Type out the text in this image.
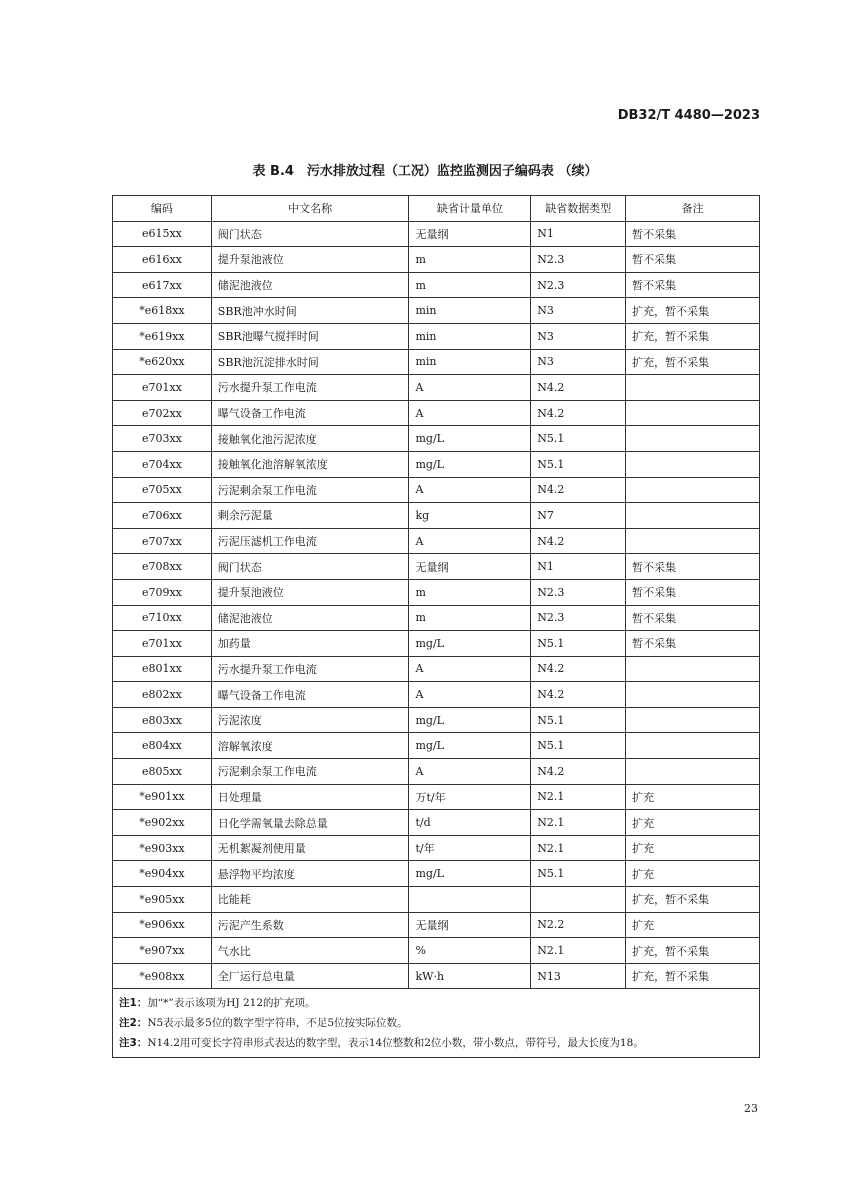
DB32/T 4480—2023
表 B.4　污水排放过程（工况）监控监测因子编码表 （续）
编码	中文名称	缺省计量单位	缺省数据类型	备注
e615xx	阀门状态	无量纲	N1	暂不采集
e616xx	提升泵池液位	m	N2.3	暂不采集
e617xx	储泥池液位	m	N2.3	暂不采集
*e618xx	SBR池冲水时间	min	N3	扩充，暂不采集
*e619xx	SBR池曝气搅拌时间	min	N3	扩充，暂不采集
*e620xx	SBR池沉淀排水时间	min	N3	扩充，暂不采集
e701xx	污水提升泵工作电流	A	N4.2	
e702xx	曝气设备工作电流	A	N4.2	
e703xx	接触氧化池污泥浓度	mg/L	N5.1	
e704xx	接触氧化池溶解氧浓度	mg/L	N5.1	
e705xx	污泥剩余泵工作电流	A	N4.2	
e706xx	剩余污泥量	kg	N7	
e707xx	污泥压滤机工作电流	A	N4.2	
e708xx	阀门状态	无量纲	N1	暂不采集
e709xx	提升泵池液位	m	N2.3	暂不采集
e710xx	储泥池液位	m	N2.3	暂不采集
e701xx	加药量	mg/L	N5.1	暂不采集
e801xx	污水提升泵工作电流	A	N4.2	
e802xx	曝气设备工作电流	A	N4.2	
e803xx	污泥浓度	mg/L	N5.1	
e804xx	溶解氧浓度	mg/L	N5.1	
e805xx	污泥剩余泵工作电流	A	N4.2	
*e901xx	日处理量	万t/年	N2.1	扩充
*e902xx	日化学需氧量去除总量	t/d	N2.1	扩充
*e903xx	无机絮凝剂使用量	t/年	N2.1	扩充
*e904xx	悬浮物平均浓度	mg/L	N5.1	扩充
*e905xx	比能耗			扩充，暂不采集
*e906xx	污泥产生系数	无量纲	N2.2	扩充
*e907xx	气水比	%	N2.1	扩充，暂不采集
*e908xx	全厂运行总电量	kW·h	N13	扩充，暂不采集

注1：加“*”表示该项为HJ 212的扩充项。
注2：N5表示最多5位的数字型字符串，不足5位按实际位数。
注3：N14.2用可变长字符串形式表达的数字型，表示14位整数和2位小数，带小数点，带符号，最大长度为18。				
23
